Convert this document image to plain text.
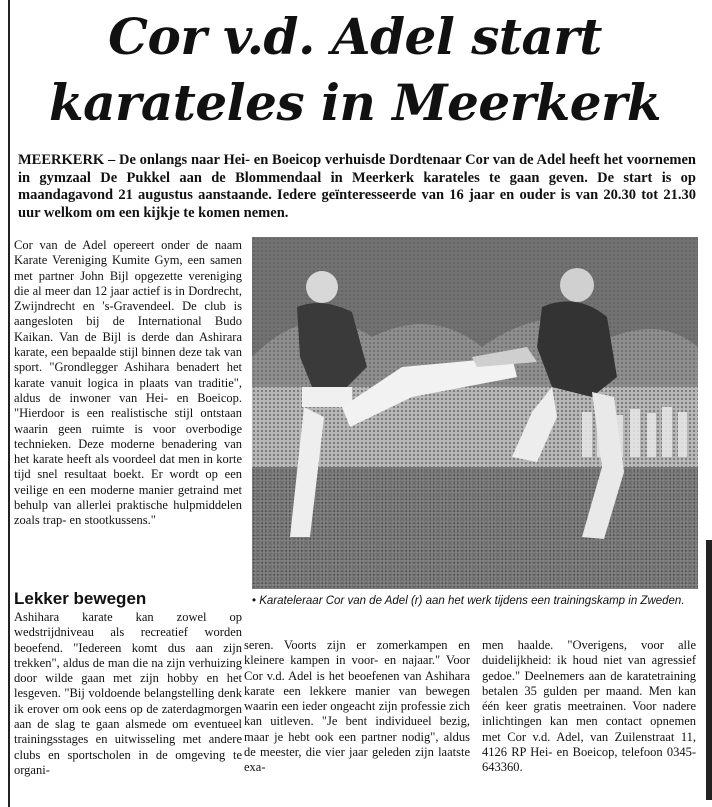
Cor v.d. Adel start
karateles in Meerkerk

MEERKERK – De onlangs naar Hei- en Boeicop verhuisde Dordtenaar Cor van de Adel heeft het voornemen in gymzaal De Pukkel aan de Blommendaal in Meerkerk karateles te gaan geven. De start is op maandagavond 21 augustus aanstaande. Iedere geïnteresseerde van 16 jaar en ouder is van 20.30 tot 21.30 uur welkom om een kijkje te komen nemen.

Cor van de Adel opereert onder de naam Karate Vereniging Kumite Gym, een samen met partner John Bijl opgezette vereniging die al meer dan 12 jaar actief is in Dordrecht, Zwijndrecht en 's-Gravendeel. De club is aangesloten bij de International Budo Kaikan. Van de Bijl is derde dan Ashirara karate, een bepaalde stijl binnen deze tak van sport. "Grondlegger Ashihara benadert het karate vanuit logica in plaats van traditie", aldus de inwoner van Hei- en Boeicop. "Hierdoor is een realistische stijl ontstaan waarin geen ruimte is voor overbodige technieken. Deze moderne benadering van het karate heeft als voordeel dat men in korte tijd snel resultaat boekt. Er wordt op een veilige en een moderne manier getraind met behulp van allerlei praktische hulpmiddelen zoals trap- en stootkussens."

• Karateleraar Cor van de Adel (r) aan het werk tijdens een trainingskamp in Zweden.

Lekker bewegen

Ashihara karate kan zowel op wedstrijdniveau als recreatief worden beoefend. "Iedereen komt dus aan zijn trekken", aldus de man die na zijn verhuizing door wilde gaan met zijn hobby en het lesgeven. "Bij voldoende belangstelling denk ik erover om ook eens op de zaterdagmorgen aan de slag te gaan alsmede om eventueel trainingsstages en uitwisseling met andere clubs en sportscholen in de omgeving te organi-

seren. Voorts zijn er zomerkampen en kleinere kampen in voor- en najaar." Voor Cor v.d. Adel is het beoefenen van Ashihara karate een lekkere manier van bewegen waarin een ieder ongeacht zijn professie zich kan uitleven. "Je bent individueel bezig, maar je hebt ook een partner nodig", aldus de meester, die vier jaar geleden zijn laatste exa-

men haalde. "Overigens, voor alle duidelijkheid: ik houd niet van agressief gedoe." Deelnemers aan de karatetraining betalen 35 gulden per maand. Men kan één keer gratis meetrainen. Voor nadere inlichtingen kan men contact opnemen met Cor v.d. Adel, van Zuilenstraat 11, 4126 RP Hei- en Boeicop, telefoon 0345-643360.
